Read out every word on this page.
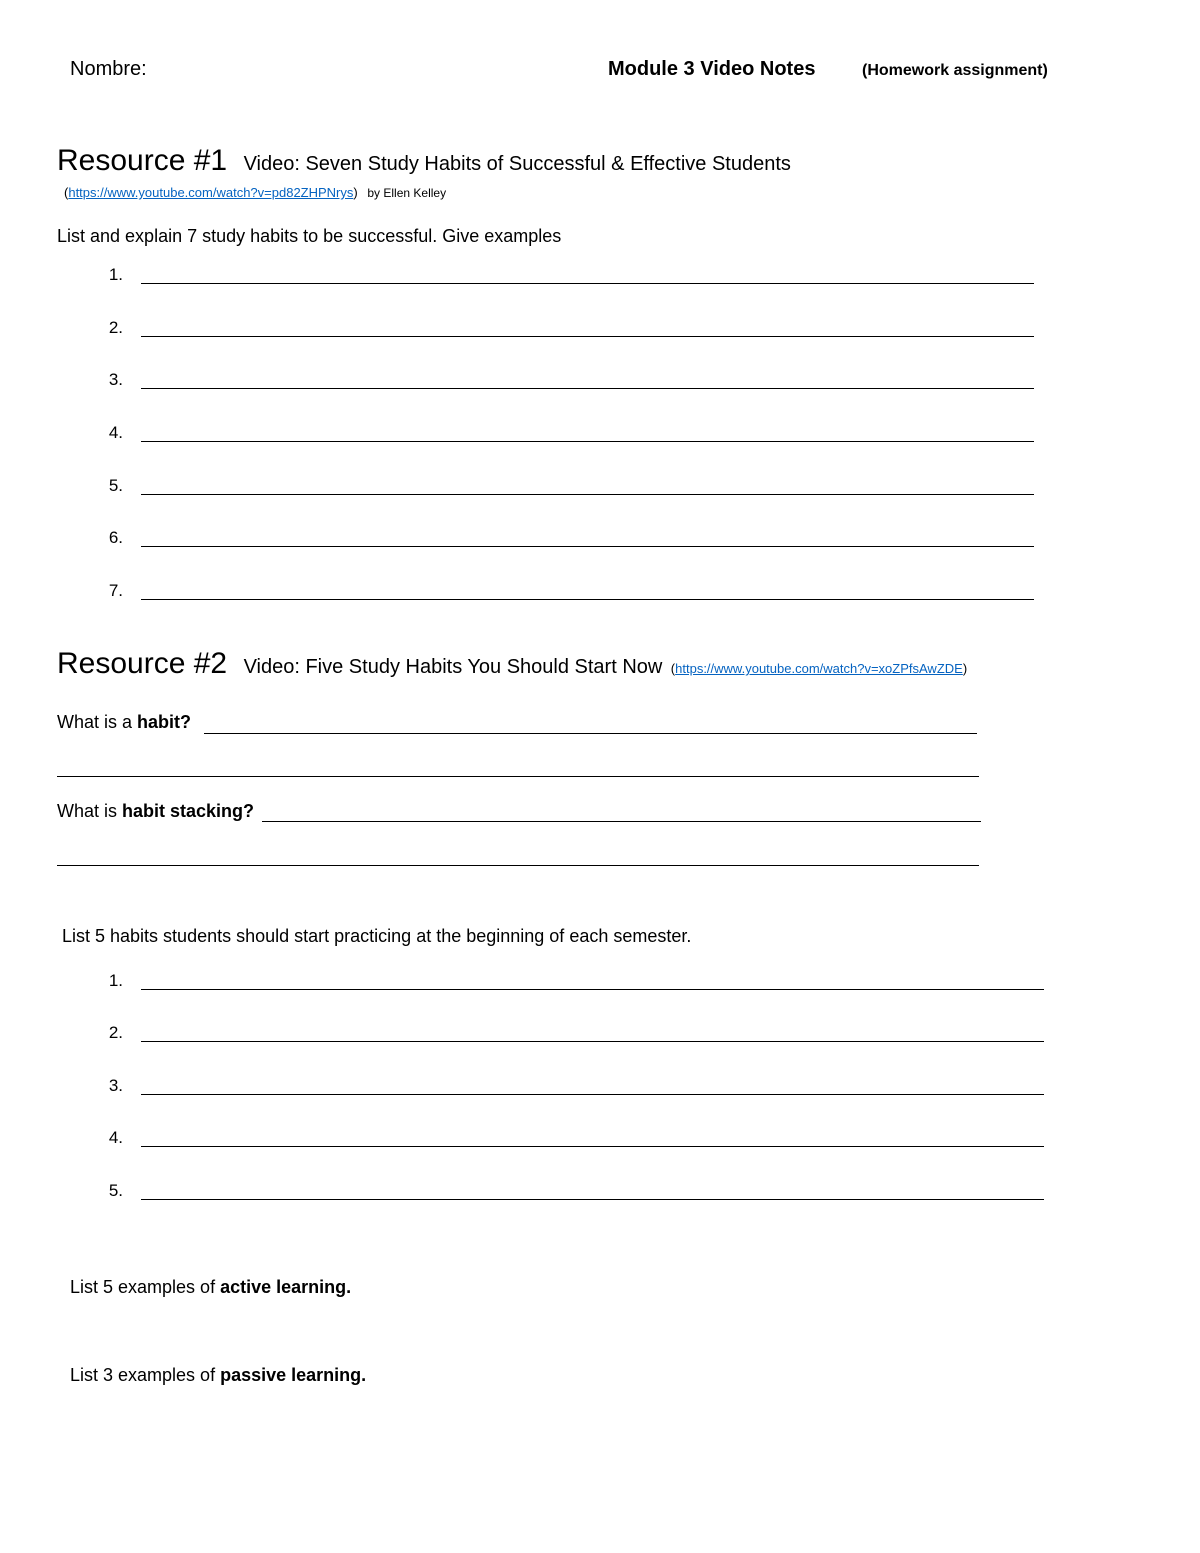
Nombre:	Module 3 Video Notes	(Homework assignment)
Resource #1 Video: Seven Study Habits of Successful & Effective Students
(https://www.youtube.com/watch?v=pd82ZHPNrys) by Ellen Kelley
List and explain 7 study habits to be successful. Give examples
1.
2.
3.
4.
5.
6.
7.
Resource #2 Video: Five Study Habits You Should Start Now (https://www.youtube.com/watch?v=xoZPfsAwZDE)
What is a habit?
What is habit stacking?
List 5 habits students should start practicing at the beginning of each semester.
1.
2.
3.
4.
5.
List 5 examples of active learning.
List 3 examples of passive learning.
